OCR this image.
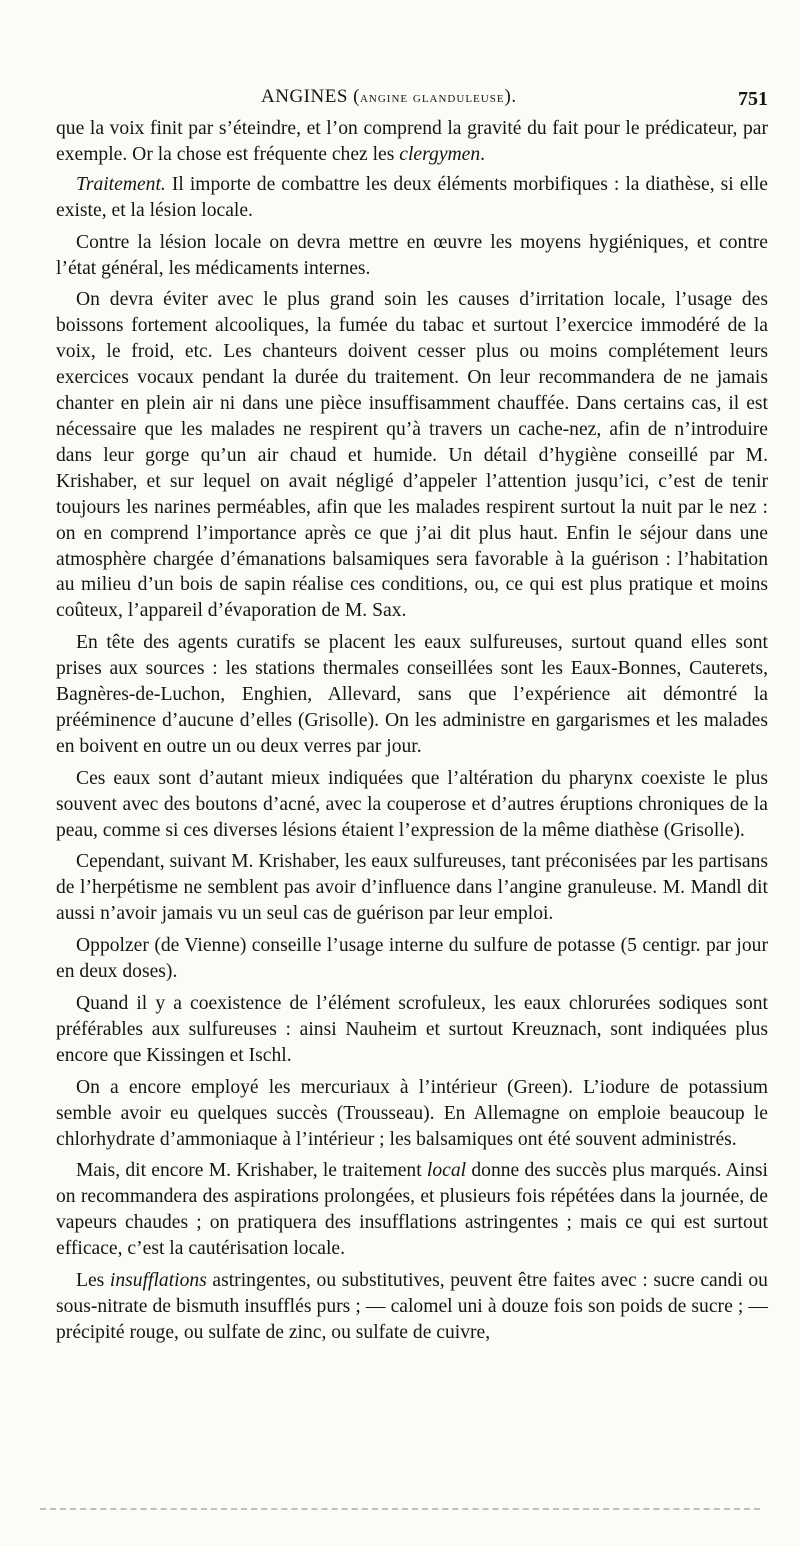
ANGINES (angine glanduleuse).	751

que la voix finit par s’éteindre, et l’on comprend la gravité du fait pour le prédicateur, par exemple. Or la chose est fréquente chez les clergymen.

Traitement. Il importe de combattre les deux éléments morbifiques : la diathèse, si elle existe, et la lésion locale.

Contre la lésion locale on devra mettre en œuvre les moyens hygiéniques, et contre l’état général, les médicaments internes.

On devra éviter avec le plus grand soin les causes d’irritation locale, l’usage des boissons fortement alcooliques, la fumée du tabac et surtout l’exercice immodéré de la voix, le froid, etc. Les chanteurs doivent cesser plus ou moins complétement leurs exercices vocaux pendant la durée du traitement. On leur recommandera de ne jamais chanter en plein air ni dans une pièce insuffisamment chauffée. Dans certains cas, il est nécessaire que les malades ne respirent qu’à travers un cache-nez, afin de n’introduire dans leur gorge qu’un air chaud et humide. Un détail d’hygiène conseillé par M. Krishaber, et sur lequel on avait négligé d’appeler l’attention jusqu’ici, c’est de tenir toujours les narines perméables, afin que les malades respirent surtout la nuit par le nez : on en comprend l’importance après ce que j’ai dit plus haut. Enfin le séjour dans une atmosphère chargée d’émanations balsamiques sera favorable à la guérison : l’habitation au milieu d’un bois de sapin réalise ces conditions, ou, ce qui est plus pratique et moins coûteux, l’appareil d’évaporation de M. Sax.

En tête des agents curatifs se placent les eaux sulfureuses, surtout quand elles sont prises aux sources : les stations thermales conseillées sont les Eaux-Bonnes, Cauterets, Bagnères-de-Luchon, Enghien, Allevard, sans que l’expérience ait démontré la prééminence d’aucune d’elles (Grisolle). On les administre en gargarismes et les malades en boivent en outre un ou deux verres par jour.

Ces eaux sont d’autant mieux indiquées que l’altération du pharynx coexiste le plus souvent avec des boutons d’acné, avec la couperose et d’autres éruptions chroniques de la peau, comme si ces diverses lésions étaient l’expression de la même diathèse (Grisolle).

Cependant, suivant M. Krishaber, les eaux sulfureuses, tant préconisées par les partisans de l’herpétisme ne semblent pas avoir d’influence dans l’angine granuleuse. M. Mandl dit aussi n’avoir jamais vu un seul cas de guérison par leur emploi.

Oppolzer (de Vienne) conseille l’usage interne du sulfure de potasse (5 centigr. par jour en deux doses).

Quand il y a coexistence de l’élément scrofuleux, les eaux chlorurées sodiques sont préférables aux sulfureuses : ainsi Nauheim et surtout Kreuznach, sont indiquées plus encore que Kissingen et Ischl.

On a encore employé les mercuriaux à l’intérieur (Green). L’iodure de potassium semble avoir eu quelques succès (Trousseau). En Allemagne on emploie beaucoup le chlorhydrate d’ammoniaque à l’intérieur ; les balsamiques ont été souvent administrés.

Mais, dit encore M. Krishaber, le traitement local donne des succès plus marqués. Ainsi on recommandera des aspirations prolongées, et plusieurs fois répétées dans la journée, de vapeurs chaudes ; on pratiquera des insufflations astringentes ; mais ce qui est surtout efficace, c’est la cautérisation locale.

Les insufflations astringentes, ou substitutives, peuvent être faites avec : sucre candi ou sous-nitrate de bismuth insufflés purs ; — calomel uni à douze fois son poids de sucre ; — précipité rouge, ou sulfate de zinc, ou sulfate de cuivre,
